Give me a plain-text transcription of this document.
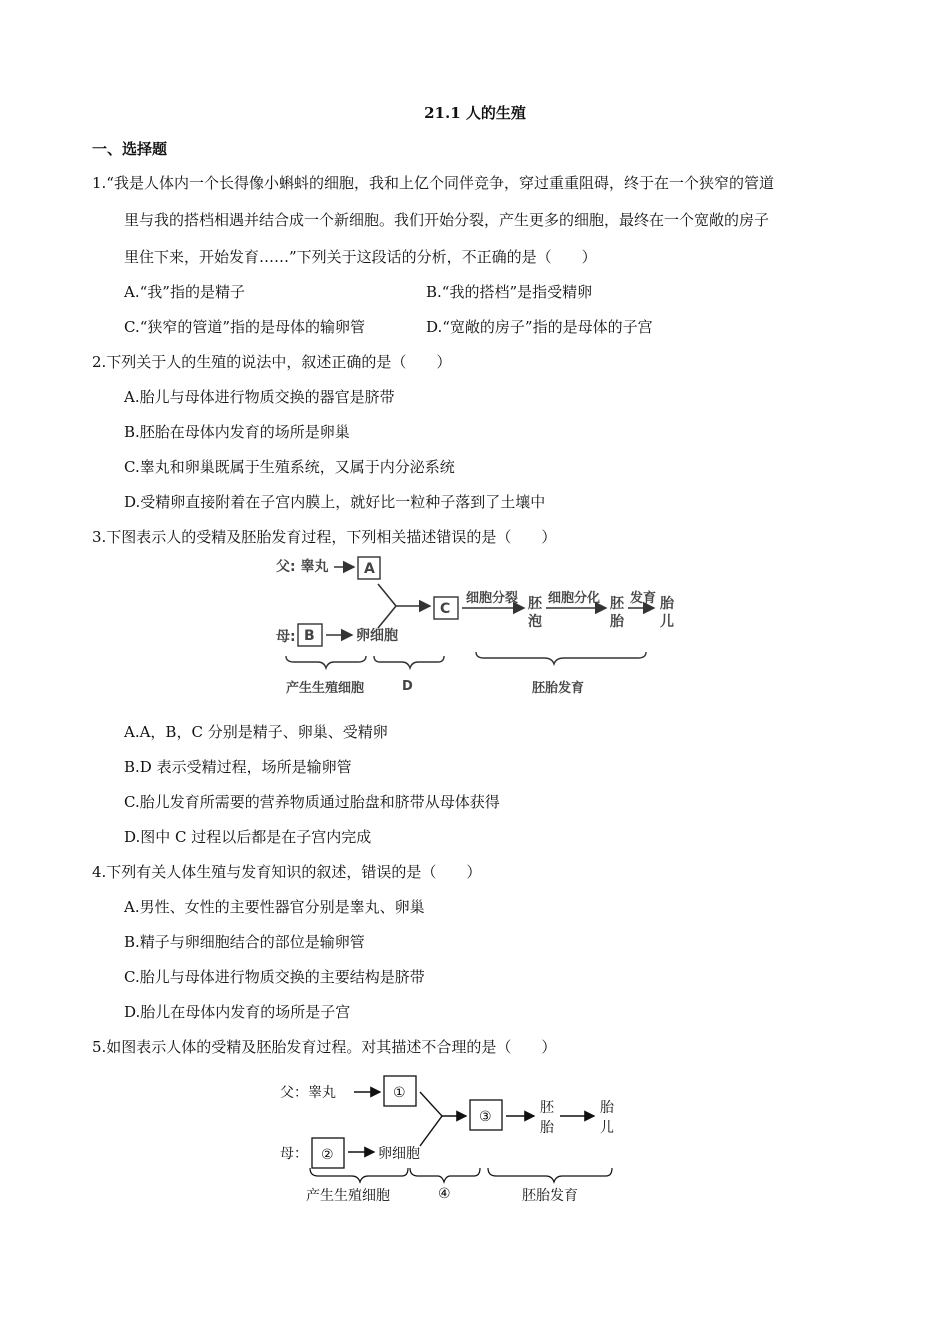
21.1 人的生殖
一、选择题
1.“我是人体内一个长得像小蝌蚪的细胞，我和上亿个同伴竞争，穿过重重阻碍，终于在一个狭窄的管道
里与我的搭档相遇并结合成一个新细胞。我们开始分裂，产生更多的细胞，最终在一个宽敞的房子
里住下来，开始发育……”下列关于这段话的分析，不正确的是（　　）
A.“我”指的是精子	B.“我的搭档”是指受精卵
C.“狭窄的管道”指的是母体的输卵管	D.“宽敞的房子”指的是母体的子宫
2.下列关于人的生殖的说法中，叙述正确的是（　　）
A.胎儿与母体进行物质交换的器官是脐带
B.胚胎在母体内发育的场所是卵巢
C.睾丸和卵巢既属于生殖系统，又属于内分泌系统
D.受精卵直接附着在子宫内膜上，就好比一粒种子落到了土壤中
3.下图表示人的受精及胚胎发育过程，下列相关描述错误的是（　　）
父: 睾丸	A
母: B	卵细胞
C
细胞分裂 胚
泡
细胞分化 胚
胎
发育 胎
儿
产生生殖细胞	D	胚胎发育
A.A，B，C 分别是精子、卵巢、受精卵
B.D 表示受精过程，场所是输卵管
C.胎儿发育所需要的营养物质通过胎盘和脐带从母体获得
D.图中 C 过程以后都是在子宫内完成
4.下列有关人体生殖与发育知识的叙述，错误的是（　　）
A.男性、女性的主要性器官分别是睾丸、卵巢
B.精子与卵细胞结合的部位是输卵管
C.胎儿与母体进行物质交换的主要结构是脐带
D.胎儿在母体内发育的场所是子宫
5.如图表示人体的受精及胚胎发育过程。对其描述不合理的是（　　）
父：睾丸	①
母： ②	卵细胞
③
胚
胎
胎
儿
产生生殖细胞	④	胚胎发育
